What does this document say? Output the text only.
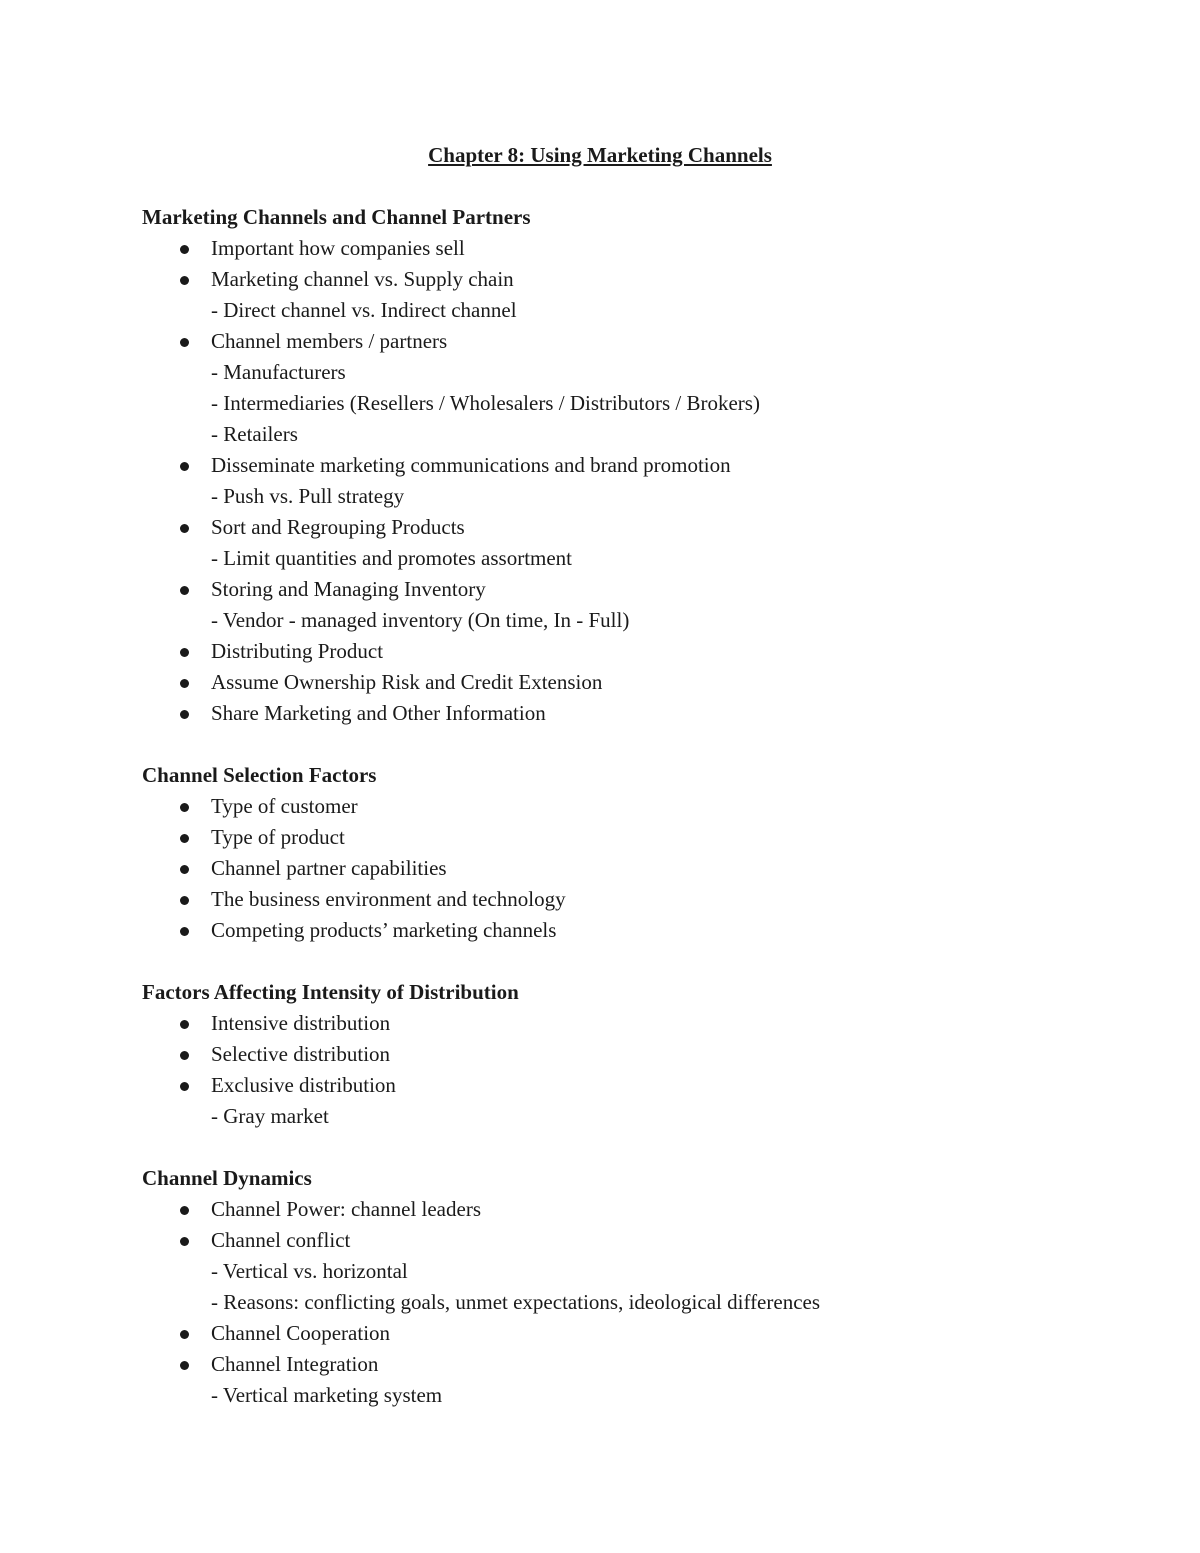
Chapter 8: Using Marketing Channels
Marketing Channels and Channel Partners
Important how companies sell
Marketing channel vs. Supply chain
- Direct channel vs. Indirect channel
Channel members / partners
- Manufacturers
- Intermediaries (Resellers / Wholesalers / Distributors / Brokers)
- Retailers
Disseminate marketing communications and brand promotion
- Push vs. Pull strategy
Sort and Regrouping Products
- Limit quantities and promotes assortment
Storing and Managing Inventory
- Vendor - managed inventory (On time, In - Full)
Distributing Product
Assume Ownership Risk and Credit Extension
Share Marketing and Other Information
Channel Selection Factors
Type of customer
Type of product
Channel partner capabilities
The business environment and technology
Competing products’ marketing channels
Factors Affecting Intensity of Distribution
Intensive distribution
Selective distribution
Exclusive distribution
- Gray market
Channel Dynamics
Channel Power: channel leaders
Channel conflict
- Vertical vs. horizontal
- Reasons: conflicting goals, unmet expectations, ideological differences
Channel Cooperation
Channel Integration
- Vertical marketing system
